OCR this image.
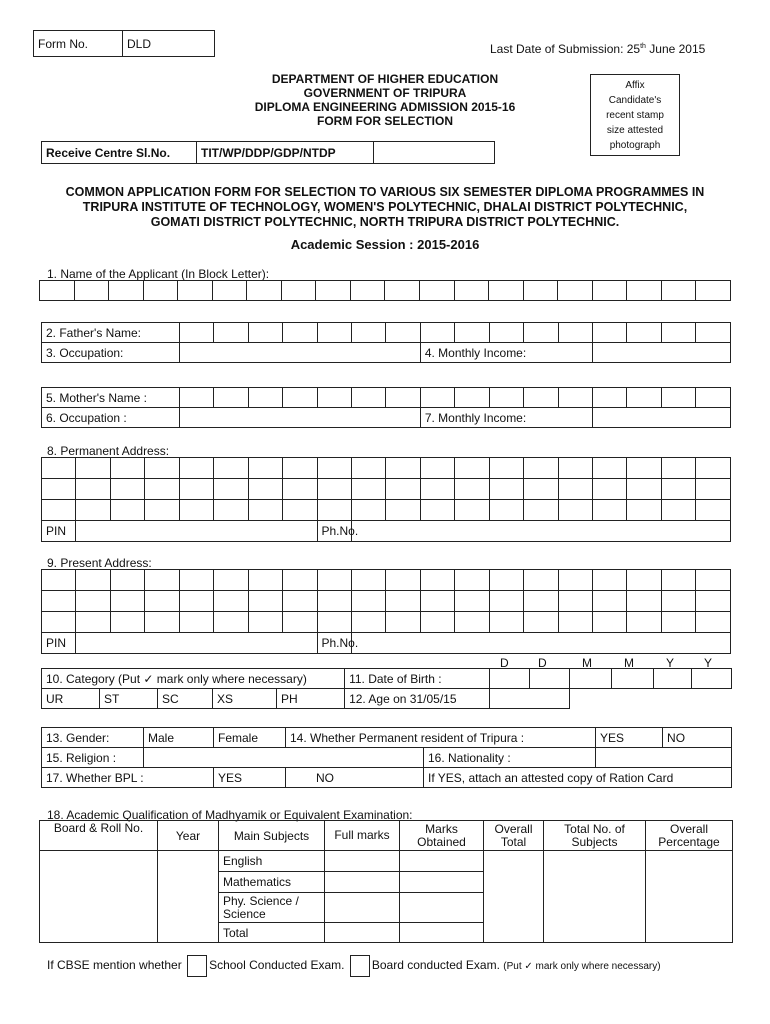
Form No.	DLD	Last Date of Submission: 25th June 2015
DEPARTMENT OF HIGHER EDUCATION
GOVERNMENT OF TRIPURA
DIPLOMA ENGINEERING ADMISSION 2015-16
FORM FOR SELECTION
Affix
Candidate's
recent stamp
size attested
photograph
Receive Centre Sl.No.	TIT/WP/DDP/GDP/NTDP	
COMMON APPLICATION FORM FOR SELECTION TO VARIOUS SIX SEMESTER DIPLOMA PROGRAMMES IN
TRIPURA INSTITUTE OF TECHNOLOGY, WOMEN'S POLYTECHNIC, DHALAI DISTRICT POLYTECHNIC,
GOMATI DISTRICT POLYTECHNIC, NORTH TRIPURA DISTRICT POLYTECHNIC.
Academic Session : 2015-2016
1. Name of the Applicant (In Block Letter):

2. Father's Name:																
3. Occupation:								4. Monthly Income:								
5. Mother's Name :																
6. Occupation :								7. Monthly Income:								
8. Permanent Address:

PIN								Ph.No.											
9. Present Address:

PIN								Ph.No.											
D D	M	M	Y Y
10. Category (Put ✓ mark only where necessary)					11. Date of Birth :						
UR	ST	SC	XS	PH	12. Age on 31/05/15						
13. Gender:	Male	Female	14. Whether Permanent resident of Tripura :		YES	NO
15. Religion :				16. Nationality :		
17. Whether BPL :		YES	NO	If YES, attach an attested copy of Ration Card		
18. Academic Qualification of Madhyamik or Equivalent Examination:
Board & Roll No.	Year	Main Subjects	Full marks	Marks Obtained	Overall Total	Total No. of Subjects	Overall Percentage
		English					
		Mathematics					
		Phy. Science / Science					
		Total					
If CBSE mention whether School Conducted Exam. Board conducted Exam. (Put ✓ mark only where necessary)
